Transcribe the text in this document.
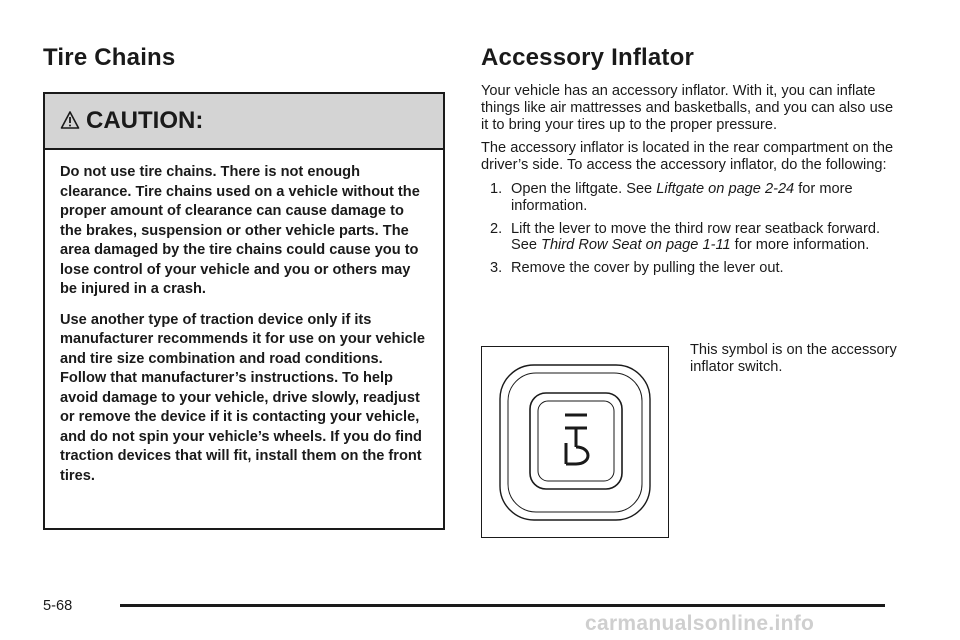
Tire Chains
CAUTION:

Do not use tire chains. There is not enough clearance. Tire chains used on a vehicle without the proper amount of clearance can cause damage to the brakes, suspension or other vehicle parts. The area damaged by the tire chains could cause you to lose control of your vehicle and you or others may be injured in a crash.

Use another type of traction device only if its manufacturer recommends it for use on your vehicle and tire size combination and road conditions. Follow that manufacturer’s instructions. To help avoid damage to your vehicle, drive slowly, readjust or remove the device if it is contacting your vehicle, and do not spin your vehicle’s wheels. If you do find traction devices that will fit, install them on the front tires.

Accessory Inflator

Your vehicle has an accessory inflator. With it, you can inflate things like air mattresses and basketballs, and you can also use it to bring your tires up to the proper pressure.

The accessory inflator is located in the rear compartment on the driver’s side. To access the accessory inflator, do the following:

1. Open the liftgate. See Liftgate on page 2-24 for more information.
2. Lift the lever to move the third row rear seatback forward. See Third Row Seat on page 1-11 for more information.
3. Remove the cover by pulling the lever out.

This symbol is on the accessory inflator switch.

5-68
carmanualsonline.info
